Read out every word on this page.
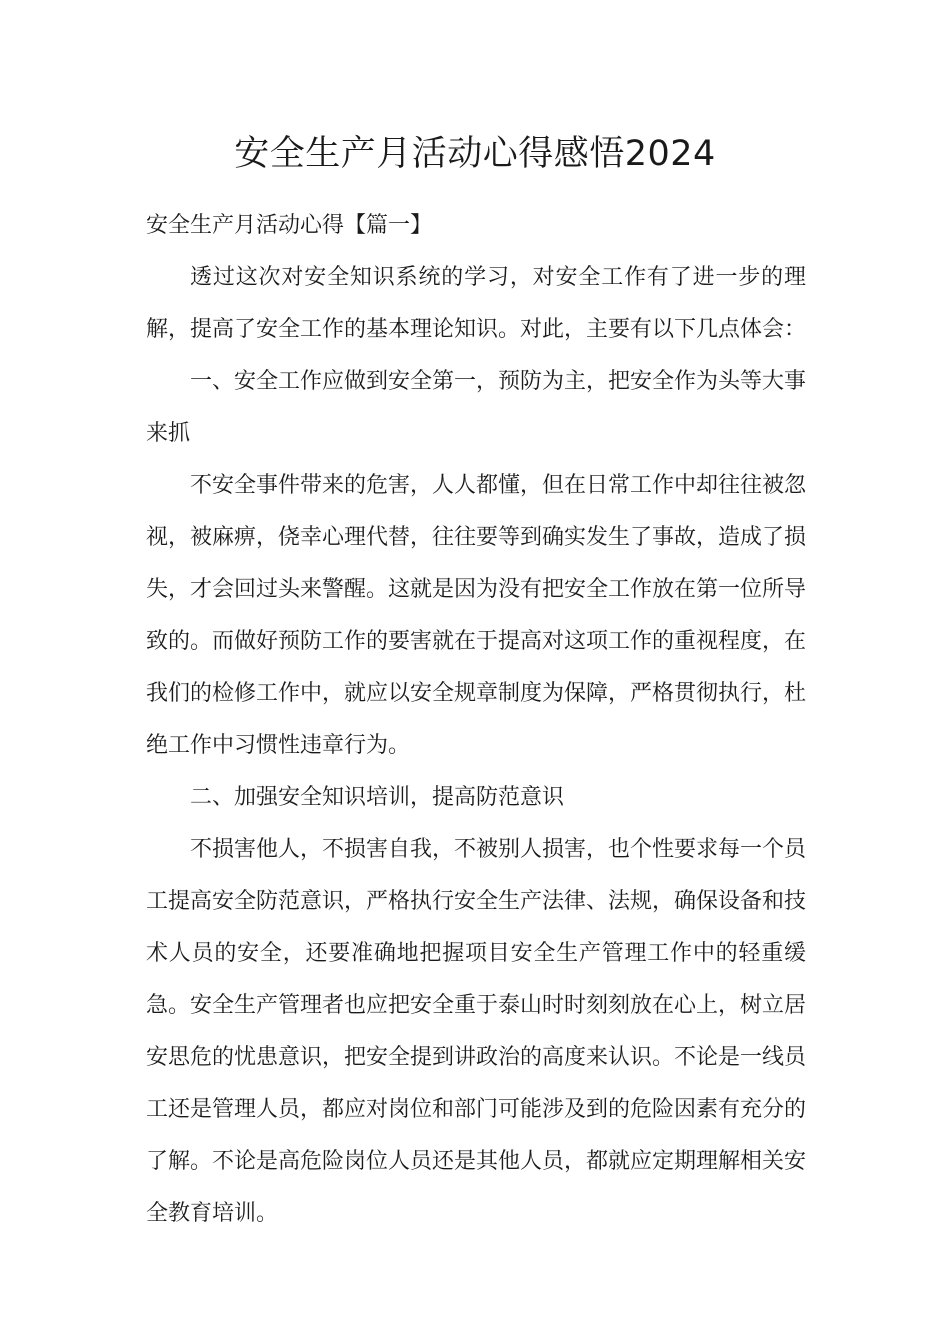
安全生产月活动心得感悟2024

安全生产月活动心得【篇一】

透过这次对安全知识系统的学习，对安全工作有了进一步的理解，提高了安全工作的基本理论知识。对此，主要有以下几点体会：

一、安全工作应做到安全第一，预防为主，把安全作为头等大事来抓

不安全事件带来的危害，人人都懂，但在日常工作中却往往被忽视，被麻痹，侥幸心理代替，往往要等到确实发生了事故，造成了损失，才会回过头来警醒。这就是因为没有把安全工作放在第一位所导致的。而做好预防工作的要害就在于提高对这项工作的重视程度，在我们的检修工作中，就应以安全规章制度为保障，严格贯彻执行，杜绝工作中习惯性违章行为。

二、加强安全知识培训，提高防范意识

不损害他人，不损害自我，不被别人损害，也个性要求每一个员工提高安全防范意识，严格执行安全生产法律、法规，确保设备和技术人员的安全，还要准确地把握项目安全生产管理工作中的轻重缓急。安全生产管理者也应把安全重于泰山时时刻刻放在心上，树立居安思危的忧患意识，把安全提到讲政治的高度来认识。不论是一线员工还是管理人员，都应对岗位和部门可能涉及到的危险因素有充分的了解。不论是高危险岗位人员还是其他人员，都就应定期理解相关安全教育培训。
